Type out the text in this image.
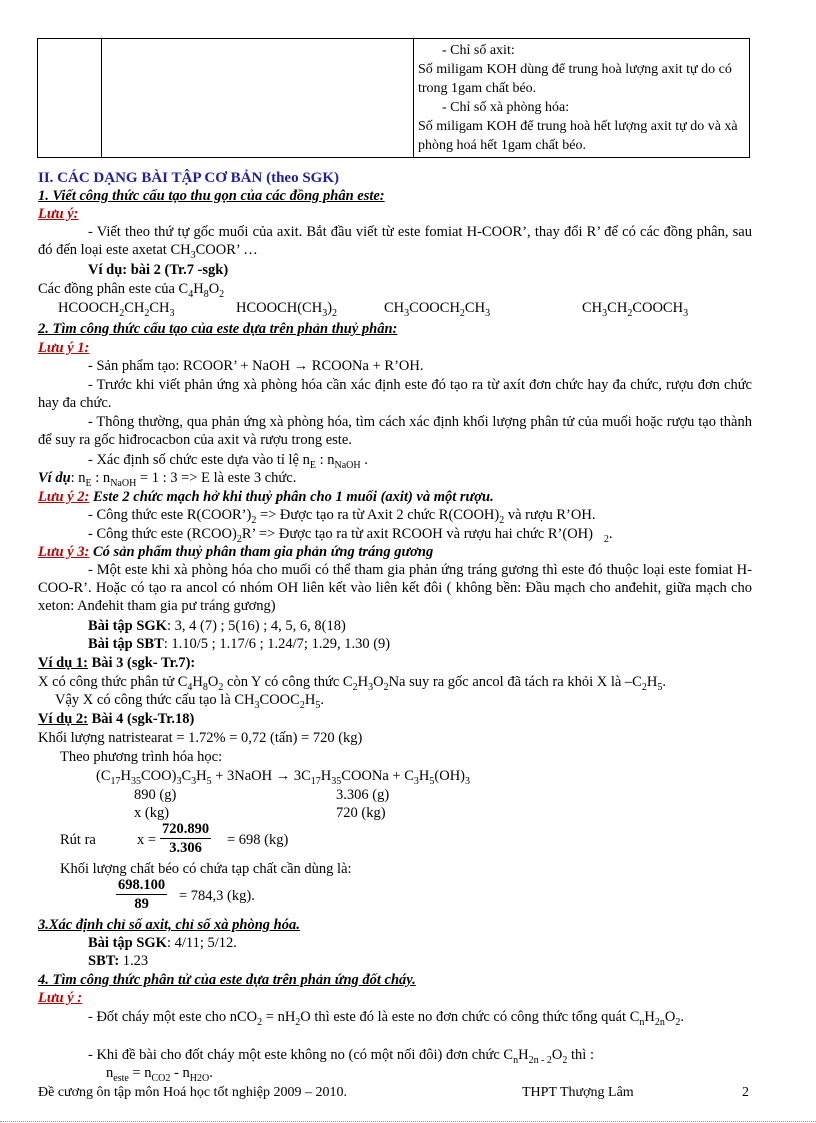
- Chỉ số axit:
Số miligam KOH dùng để trung hoà lượng axit tự do có trong 1gam chất béo.
- Chỉ số xà phòng hóa:
Số miligam KOH để trung hoà hết lượng axit tự do và xà phòng hoá hết 1gam chất béo.
II. CÁC DẠNG BÀI TẬP CƠ BẢN (theo SGK)
1. Viết công thức cấu tạo thu gọn của các đồng phân este:
Lưu ý:
- Viết theo thứ tự gốc muối của axit. Bắt đầu viết từ este fomiat H-COOR’, thay đổi R’ để có các đồng phân, sau đó đến loại este axetat $CH_3COOR$’ …
Ví dụ: bài 2 (Tr.7 -sgk)
Các đồng phân este của $C_4H_8O_2$
$HCOOCH_2CH_2CH_3$	$HCOOCH(CH_3)_2$	$CH_3COOCH_2CH_3$	$CH_3CH_2COOCH_3$
2. Tìm công thức cấu tạo của este dựa trên phản thuỷ phân:
Lưu ý 1:
- Sản phẩm tạo: RCOOR’ + NaOH → RCOONa + R’OH.
- Trước khi viết phản ứng xà phòng hóa cần xác định este đó tạo ra từ axít đơn chức hay đa chức, rượu đơn chức hay đa chức.
- Thông thường, qua phản ứng xà phòng hóa, tìm cách xác định khối lượng phân tử của muối hoặc rượu tạo thành để suy ra gốc hiđrocacbon của axit và rượu trong este.
- Xác định số chức este dựa vào tỉ lệ $n_E$ : $n_{NaOH}$ .
Ví dụ: $n_E$ : $n_{NaOH} = 1$ : 3 => E là este 3 chức.
Lưu ý 2: Este 2 chức mạch hở khi thuỷ phân cho 1 muối (axit) và một rượu.
- Công thức este $R(COOR’)_2$ => Được tạo ra từ Axit 2 chức $R(COOH)_2$ và rượu R’OH.
- Công thức este $(RCOO)_2R$’ => Được tạo ra từ axit RCOOH và rượu hai chức R’(OH)   $_2$.
Lưu ý 3: Có sản phẩm thuỷ phân tham gia phản ứng tráng gương
- Một este khi xà phòng hóa cho muối có thể tham gia phản ứng tráng gương thì este đó thuộc loại este fomiat H-COO-R’. Hoặc có tạo ra ancol có nhóm OH liên kết vào liên kết đôi ( không bền: Đầu mạch cho anđehit, giữa mạch cho xeton: Anđehit tham gia pư tráng gương)
Bài tập SGK: 3, 4 (7) ; 5(16) ; 4, 5, 6, 8(18)
Bài tập SBT: 1.10/5 ; 1.17/6 ; 1.24/7; 1.29, 1.30 (9)
Ví dụ 1: Bài 3 (sgk- Tr.7):
X có công thức phân tử $C_4H_8O_2$ còn Y có công thức $C_2H_3O_2Na$ suy ra gốc ancol đã tách ra khỏi X là $-C_2H_5$.
Vậy X có công thức cấu tạo là $CH_3COOC_2H_5$.
Ví dụ 2: Bài 4 (sgk-Tr.18)
Khối lượng natristearat = 1.72% = 0,72 (tấn) = 720 (kg)
Theo phương trình hóa học:
$(C_{17}H_{35}COO)_3C_3H_5$ + 3NaOH → $3C_{17}H_{35}COONa + C_3H_5(OH)_3$
890 (g)	3.306 (g)
x (kg)	720 (kg)
Rút ra	$x = \frac{720.890}{3.306} = 698$ (kg)
Khối lượng chất béo có chứa tạp chất cần dùng là:
$\frac{698.100}{89} = 784,3$ (kg).
3.Xác định chỉ số axit, chỉ số xà phòng hóa.
Bài tập SGK: 4/11; 5/12.
SBT: 1.23
4. Tìm công thức phân tử của este dựa trên phản ứng đốt cháy.
Lưu ý :
- Đốt cháy một este cho $nCO_2 = nH_2O$ thì este đó là este no đơn chức có công thức tổng quát $C_nH_{2n}O_2$.
- Khi đề bài cho đốt cháy một este không no (có một nối đôi) đơn chức $C_nH_{2n - 2}O_2$ thì :
$n_{este} = n_{CO2} - n_{H2O}$.
Đề cương ôn tập môn Hoá học tốt nghiệp 2009 – 2010.	THPT Thượng Lâm	2
